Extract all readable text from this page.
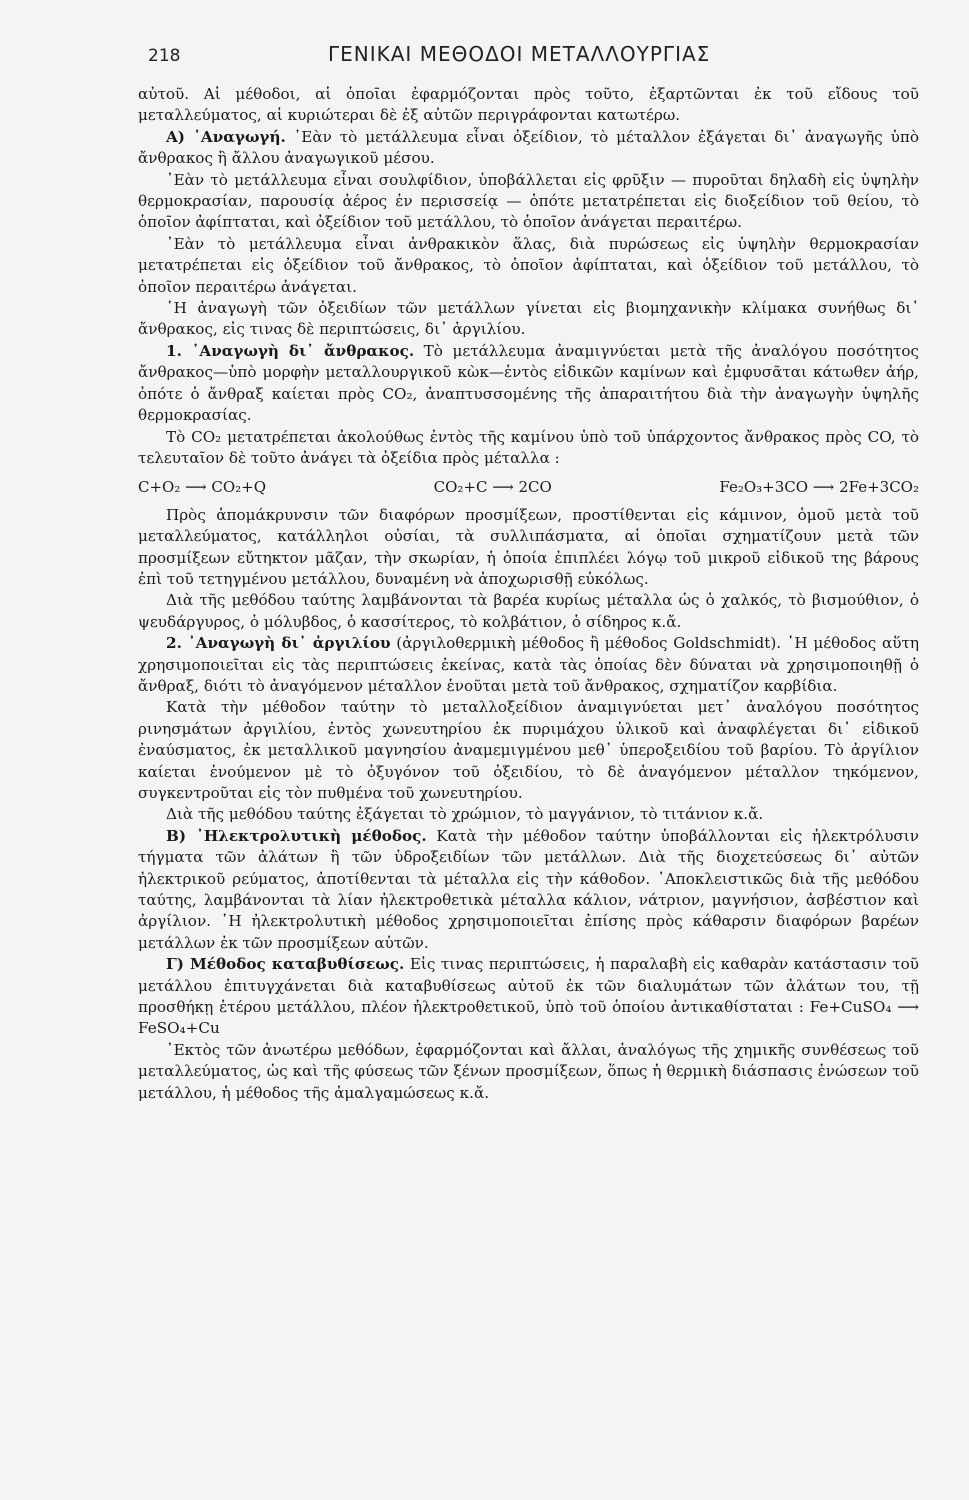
218	ΓΕΝΙΚΑΙ ΜΕΘΟΔΟΙ ΜΕΤΑΛΛΟΥΡΓΙΑΣ

αὐτοῦ. Αἱ μέθοδοι, αἱ ὁποῖαι ἐφαρμόζονται πρὸς τοῦτο, ἐξαρτῶνται ἐκ τοῦ εἴδους τοῦ μεταλλεύματος, αἱ κυριώτεραι δὲ ἐξ αὐτῶν περιγράφονται κατωτέρω.

Α) ᾿Αναγωγή. ᾿Εὰν τὸ μετάλλευμα εἶναι ὀξείδιον, τὸ μέταλλον ἐξάγεται δι᾿ ἀναγωγῆς ὑπὸ ἄνθρακος ἢ ἄλλου ἀναγωγικοῦ μέσου.

᾿Εὰν τὸ μετάλλευμα εἶναι σουλφίδιον, ὑποβάλλεται εἰς φρῦξιν — πυροῦται δηλαδὴ εἰς ὑψηλὴν θερμοκρασίαν, παρουσίᾳ ἀέρος ἐν περισσείᾳ — ὁπότε μετατρέπεται εἰς διοξείδιον τοῦ θείου, τὸ ὁποῖον ἀφίπταται, καὶ ὀξείδιον τοῦ μετάλλου, τὸ ὁποῖον ἀνάγεται περαιτέρω.

᾿Εὰν τὸ μετάλλευμα εἶναι ἀνθρακικὸν ἅλας, διὰ πυρώσεως εἰς ὑψηλὴν θερμοκρασίαν μετατρέπεται εἰς ὀξείδιον τοῦ ἄνθρακος, τὸ ὁποῖον ἀφίπταται, καὶ ὀξείδιον τοῦ μετάλλου, τὸ ὁποῖον περαιτέρω ἀνάγεται.

῾Η ἀναγωγὴ τῶν ὀξειδίων τῶν μετάλλων γίνεται εἰς βιομηχανικὴν κλίμακα συνήθως δι᾿ ἄνθρακος, εἰς τινας δὲ περιπτώσεις, δι᾿ ἀργιλίου.

1. ᾿Αναγωγὴ δι᾿ ἄνθρακος. Τὸ μετάλλευμα ἀναμιγνύεται μετὰ τῆς ἀναλόγου ποσότητος ἄνθρακος—ὑπὸ μορφὴν μεταλλουργικοῦ κὼκ—ἐντὸς εἰδικῶν καμίνων καὶ ἐμφυσᾶται κάτωθεν ἀήρ, ὁπότε ὁ ἄνθραξ καίεται πρὸς CO₂, ἀναπτυσσομένης τῆς ἀπαραιτήτου διὰ τὴν ἀναγωγὴν ὑψηλῆς θερμοκρασίας.

Τὸ CO₂ μετατρέπεται ἀκολούθως ἐντὸς τῆς καμίνου ὑπὸ τοῦ ὑπάρχοντος ἄνθρακος πρὸς CO, τὸ τελευταῖον δὲ τοῦτο ἀνάγει τὰ ὀξείδια πρὸς μέταλλα :

C+O₂ ⟶ CO₂+Q	CO₂+C ⟶ 2CO	Fe₂O₃+3CO ⟶ 2Fe+3CO₂

Πρὸς ἀπομάκρυνσιν τῶν διαφόρων προσμίξεων, προστίθενται εἰς κάμινον, ὁμοῦ μετὰ τοῦ μεταλλεύματος, κατάλληλοι οὐσίαι, τὰ συλλιπάσματα, αἱ ὁποῖαι σχηματίζουν μετὰ τῶν προσμίξεων εὔτηκτον μᾶζαν, τὴν σκωρίαν, ἡ ὁποία ἐπιπλέει λόγῳ τοῦ μικροῦ εἰδικοῦ της βάρους ἐπὶ τοῦ τετηγμένου μετάλλου, δυναμένη νὰ ἀποχωρισθῇ εὐκόλως.

Διὰ τῆς μεθόδου ταύτης λαμβάνονται τὰ βαρέα κυρίως μέταλλα ὡς ὁ χαλκός, τὸ βισμούθιον, ὁ ψευδάργυρος, ὁ μόλυβδος, ὁ κασσίτερος, τὸ κολβάτιον, ὁ σίδηρος κ.ἄ.

2. ᾿Αναγωγὴ δι᾿ ἀργιλίου (ἀργιλοθερμικὴ μέθοδος ἢ μέθοδος Goldschmidt). ῾Η μέθοδος αὕτη χρησιμοποιεῖται εἰς τὰς περιπτώσεις ἐκείνας, κατὰ τὰς ὁποίας δὲν δύναται νὰ χρησιμοποιηθῇ ὁ ἄνθραξ, διότι τὸ ἀναγόμενον μέταλλον ἑνοῦται μετὰ τοῦ ἄνθρακος, σχηματίζον καρβίδια.

Κατὰ τὴν μέθοδον ταύτην τὸ μεταλλοξείδιον ἀναμιγνύεται μετ᾿ ἀναλόγου ποσότητος ρινησμάτων ἀργιλίου, ἐντὸς χωνευτηρίου ἐκ πυριμάχου ὑλικοῦ καὶ ἀναφλέγεται δι᾿ εἰδικοῦ ἐναύσματος, ἐκ μεταλλικοῦ μαγνησίου ἀναμεμιγμένου μεθ᾿ ὑπεροξειδίου τοῦ βαρίου. Τὸ ἀργίλιον καίεται ἑνούμενον μὲ τὸ ὀξυγόνον τοῦ ὀξειδίου, τὸ δὲ ἀναγόμενον μέταλλον τηκόμενον, συγκεντροῦται εἰς τὸν πυθμένα τοῦ χωνευτηρίου.

Διὰ τῆς μεθόδου ταύτης ἐξάγεται τὸ χρώμιον, τὸ μαγγάνιον, τὸ τιτάνιον κ.ἄ.

Β) ᾿Ηλεκτρολυτικὴ μέθοδος. Κατὰ τὴν μέθοδον ταύτην ὑποβάλλονται εἰς ἠλεκτρόλυσιν τήγματα τῶν ἀλάτων ἢ τῶν ὑδροξειδίων τῶν μετάλλων. Διὰ τῆς διοχετεύσεως δι᾿ αὐτῶν ἠλεκτρικοῦ ρεύματος, ἀποτίθενται τὰ μέταλλα εἰς τὴν κάθοδον. ᾿Αποκλειστικῶς διὰ τῆς μεθόδου ταύτης, λαμβάνονται τὰ λίαν ἠλεκτροθετικὰ μέταλλα κάλιον, νάτριον, μαγνήσιον, ἀσβέστιον καὶ ἀργίλιον. ῾Η ἠλεκτρολυτικὴ μέθοδος χρησιμοποιεῖται ἐπίσης πρὸς κάθαρσιν διαφόρων βαρέων μετάλλων ἐκ τῶν προσμίξεων αὐτῶν.

Γ) Μέθοδος καταβυθίσεως. Εἰς τινας περιπτώσεις, ἡ παραλαβὴ εἰς καθαρὰν κατάστασιν τοῦ μετάλλου ἐπιτυγχάνεται διὰ καταβυθίσεως αὐτοῦ ἐκ τῶν διαλυμάτων τῶν ἀλάτων του, τῇ προσθήκῃ ἑτέρου μετάλλου, πλέον ἠλεκτροθετικοῦ, ὑπὸ τοῦ ὁποίου ἀντικαθίσταται : Fe+CuSO₄ ⟶ FeSO₄+Cu

᾿Εκτὸς τῶν ἀνωτέρω μεθόδων, ἐφαρμόζονται καὶ ἄλλαι, ἀναλόγως τῆς χημικῆς συνθέσεως τοῦ μεταλλεύματος, ὡς καὶ τῆς φύσεως τῶν ξένων προσμίξεων, ὅπως ἡ θερμικὴ διάσπασις ἑνώσεων τοῦ μετάλλου, ἡ μέθοδος τῆς ἀμαλγαμώσεως κ.ἄ.
